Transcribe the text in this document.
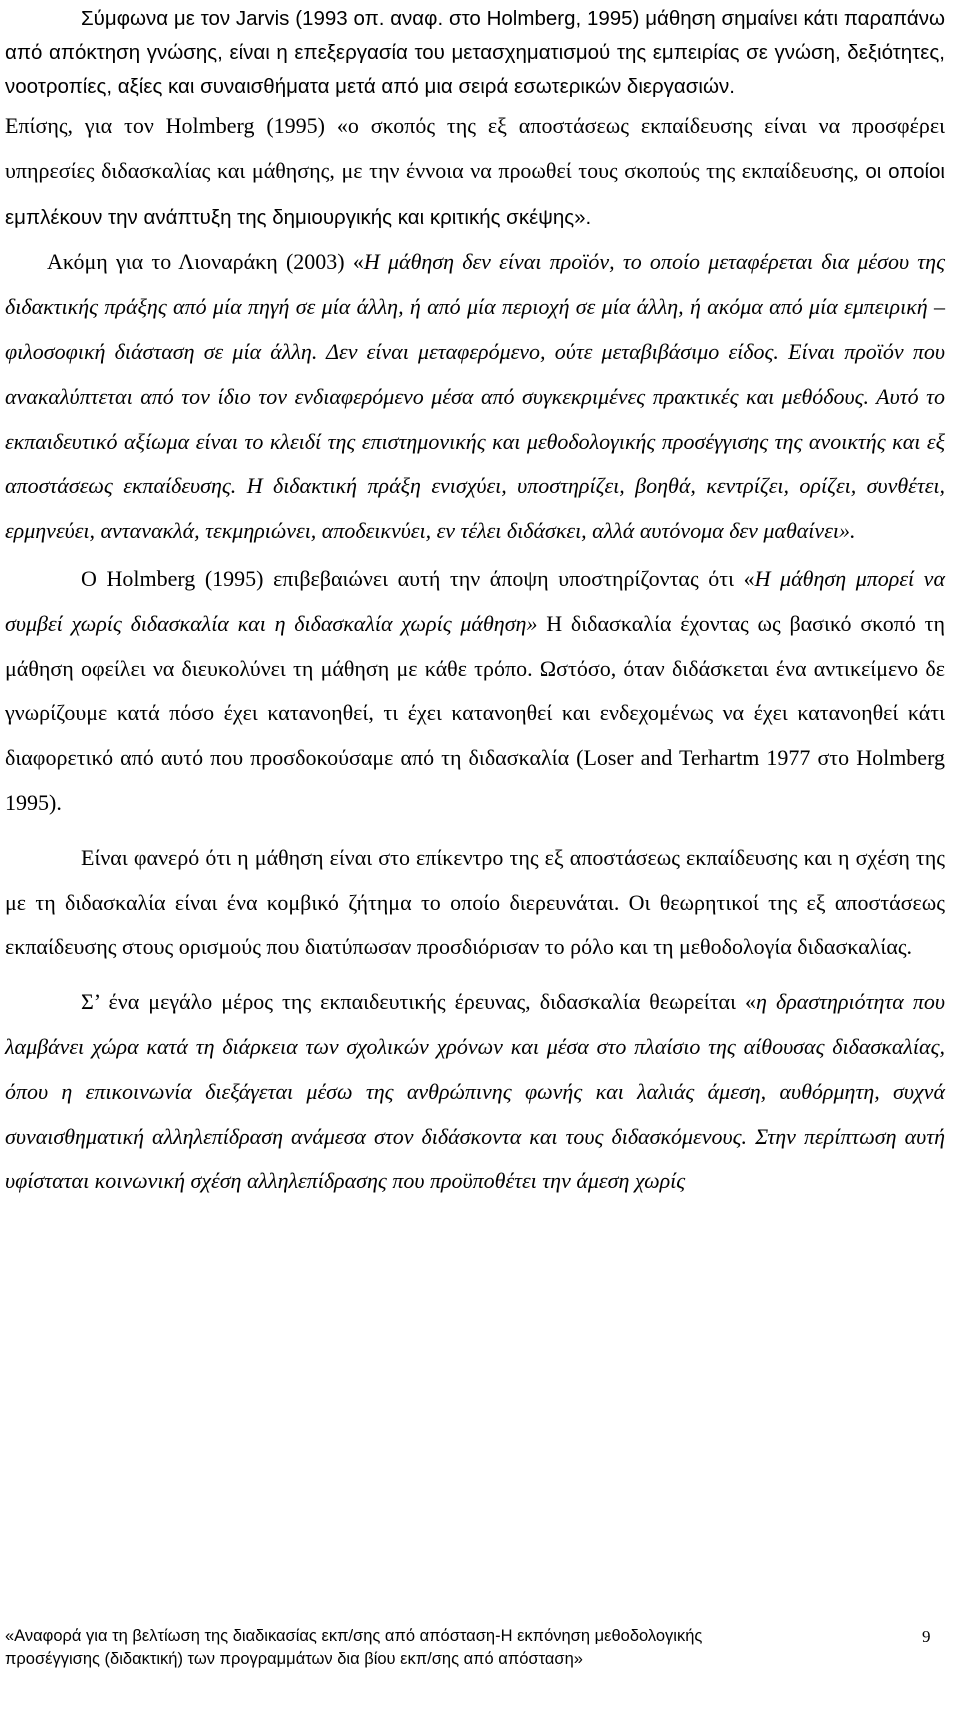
Σύμφωνα με τον Jarvis (1993 οπ. αναφ. στο Holmberg, 1995) μάθηση σημαίνει κάτι παραπάνω από απόκτηση γνώσης, είναι η επεξεργασία του μετασχηματισμού της εμπειρίας σε γνώση, δεξιότητες, νοοτροπίες, αξίες και συναισθήματα μετά από μια σειρά εσωτερικών διεργασιών.

Επίσης, για τον Holmberg (1995) «ο σκοπός της εξ αποστάσεως εκπαίδευσης είναι να προσφέρει υπηρεσίες διδασκαλίας και μάθησης, με την έννοια να προωθεί τους σκοπούς της εκπαίδευσης, οι οποίοι εμπλέκουν την ανάπτυξη της δημιουργικής και κριτικής σκέψης».

Ακόμη για το Λιοναράκη (2003) «Η μάθηση δεν είναι προϊόν, το οποίο μεταφέρεται δια μέσου της διδακτικής πράξης από μία πηγή σε μία άλλη, ή από μία περιοχή σε μία άλλη, ή ακόμα από μία εμπειρική – φιλοσοφική διάσταση σε μία άλλη. Δεν είναι μεταφερόμενο, ούτε μεταβιβάσιμο είδος. Είναι προϊόν που ανακαλύπτεται από τον ίδιο τον ενδιαφερόμενο μέσα από συγκεκριμένες πρακτικές και μεθόδους. Αυτό το εκπαιδευτικό αξίωμα είναι το κλειδί της επιστημονικής και μεθοδολογικής προσέγγισης της ανοικτής και εξ αποστάσεως εκπαίδευσης. Η διδακτική πράξη ενισχύει, υποστηρίζει, βοηθά, κεντρίζει, ορίζει, συνθέτει, ερμηνεύει, αντανακλά, τεκμηριώνει, αποδεικνύει, εν τέλει διδάσκει, αλλά αυτόνομα δεν μαθαίνει».

Ο Holmberg (1995) επιβεβαιώνει αυτή την άποψη υποστηρίζοντας ότι «Η μάθηση μπορεί να συμβεί χωρίς διδασκαλία και η διδασκαλία χωρίς μάθηση» Η διδασκαλία έχοντας ως βασικό σκοπό τη μάθηση οφείλει να διευκολύνει τη μάθηση με κάθε τρόπο. Ωστόσο, όταν διδάσκεται ένα αντικείμενο δε γνωρίζουμε κατά πόσο έχει κατανοηθεί, τι έχει κατανοηθεί και ενδεχομένως να έχει κατανοηθεί κάτι διαφορετικό από αυτό που προσδοκούσαμε από τη διδασκαλία (Loser and Terhartm 1977 στο Holmberg 1995).

Είναι φανερό ότι η μάθηση είναι στο επίκεντρο της εξ αποστάσεως εκπαίδευσης και η σχέση της με τη διδασκαλία είναι ένα κομβικό ζήτημα το οποίο διερευνάται. Οι θεωρητικοί της εξ αποστάσεως εκπαίδευσης στους ορισμούς που διατύπωσαν προσδιόρισαν το ρόλο και τη μεθοδολογία διδασκαλίας.

Σ’ ένα μεγάλο μέρος της εκπαιδευτικής έρευνας, διδασκαλία θεωρείται «η δραστηριότητα που λαμβάνει χώρα κατά τη διάρκεια των σχολικών χρόνων και μέσα στο πλαίσιο της αίθουσας διδασκαλίας, όπου η επικοινωνία διεξάγεται μέσω της ανθρώπινης φωνής και λαλιάς άμεση, αυθόρμητη, συχνά συναισθηματική αλληλεπίδραση ανάμεσα στον διδάσκοντα και τους διδασκόμενους. Στην περίπτωση αυτή υφίσταται κοινωνική σχέση αλληλεπίδρασης που προϋποθέτει την άμεση χωρίς

«Αναφορά για τη βελτίωση της διαδικασίας εκπ/σης από απόσταση-Η εκπόνηση μεθοδολογικής
προσέγγισης (διδακτική) των προγραμμάτων δια βίου εκπ/σης από απόσταση»
9
